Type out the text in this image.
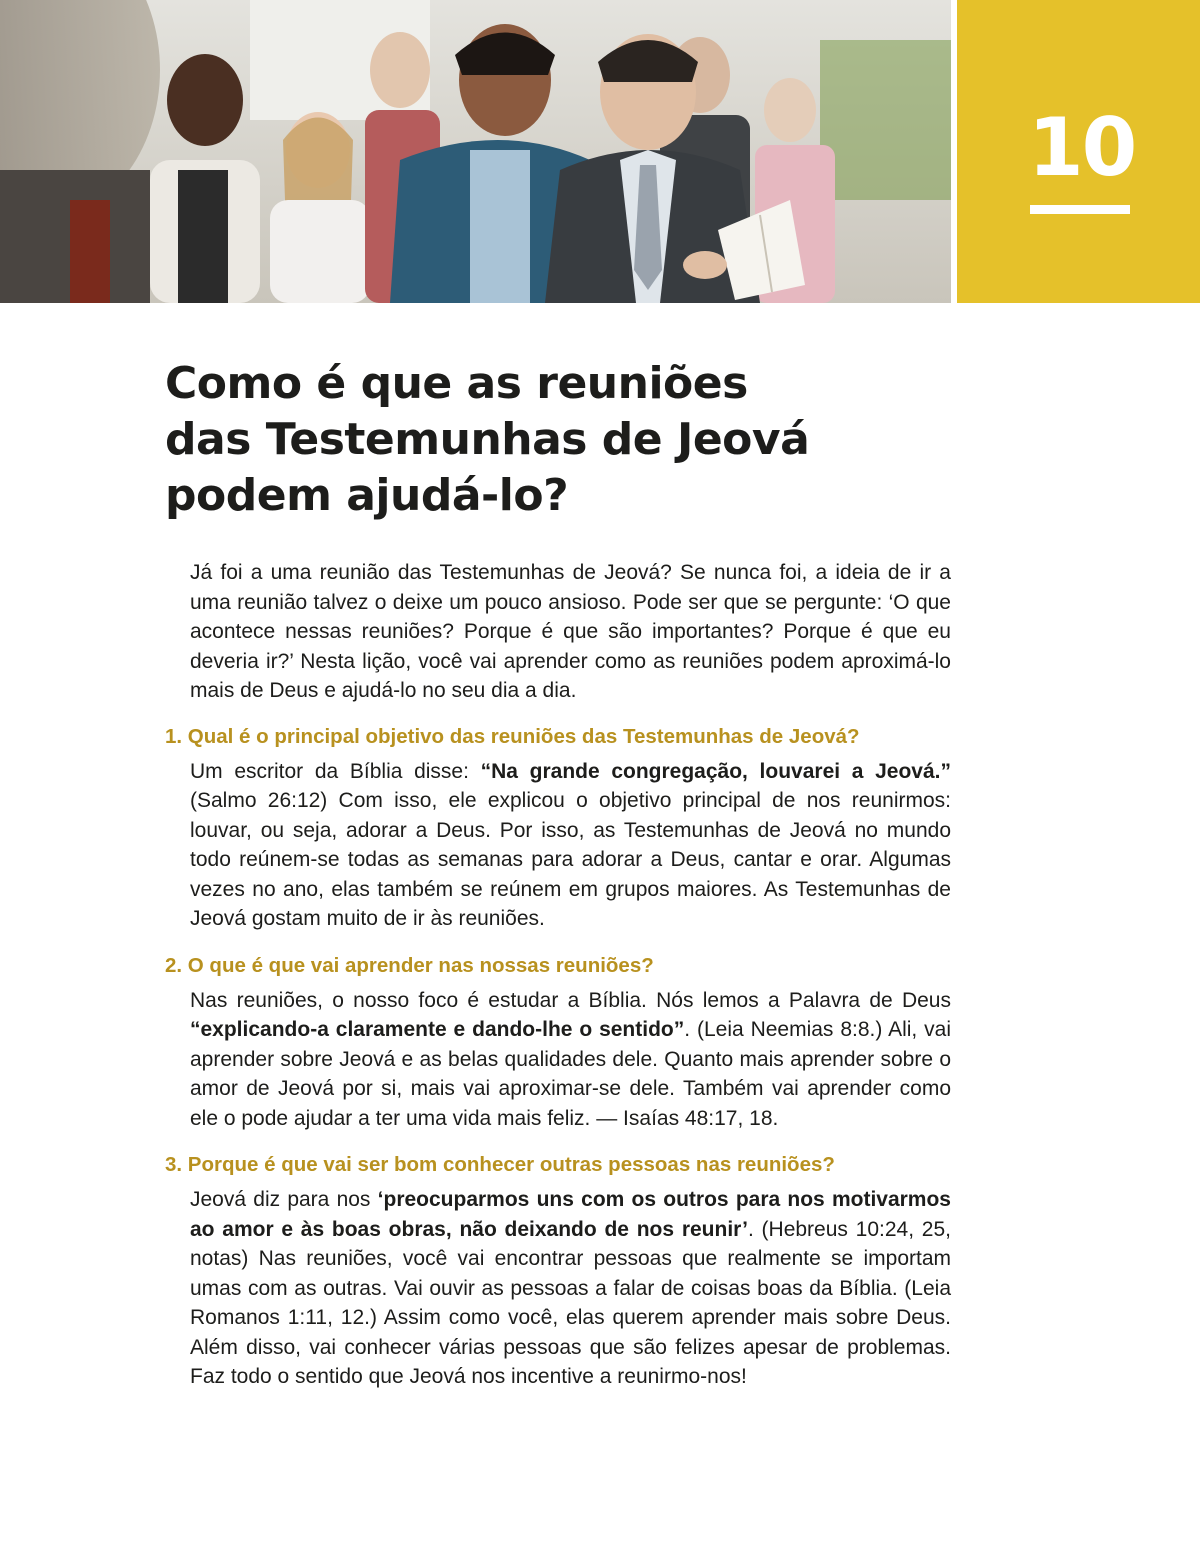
10
Como é que as reuniões
das Testemunhas de Jeová
podem ajudá-lo?

Já foi a uma reunião das Testemunhas de Jeová? Se nunca foi, a ideia de ir a uma reunião talvez o deixe um pouco ansioso. Pode ser que se pergunte: ‘O que acontece nessas reuniões? Porque é que são importantes? Porque é que eu deveria ir?’ Nesta lição, você vai aprender como as reuniões podem aproximá-lo mais de Deus e ajudá-lo no seu dia a dia.

1. Qual é o principal objetivo das reuniões das Testemunhas de Jeová?

Um escritor da Bíblia disse: “Na grande congregação, louvarei a Jeová.” (Salmo 26:12) Com isso, ele explicou o objetivo principal de nos reunirmos: louvar, ou seja, adorar a Deus. Por isso, as Testemunhas de Jeová no mundo todo reúnem-se todas as semanas para adorar a Deus, cantar e orar. Algumas vezes no ano, elas também se reúnem em grupos maiores. As Testemunhas de Jeová gostam muito de ir às reuniões.

2. O que é que vai aprender nas nossas reuniões?

Nas reuniões, o nosso foco é estudar a Bíblia. Nós lemos a Palavra de Deus “explicando-a claramente e dando-lhe o sentido”. (Leia Neemias 8:8.) Ali, vai aprender sobre Jeová e as belas qualidades dele. Quanto mais aprender sobre o amor de Jeová por si, mais vai aproximar-se dele. Também vai aprender como ele o pode ajudar a ter uma vida mais feliz. — Isaías 48:17, 18.

3. Porque é que vai ser bom conhecer outras pessoas nas reuniões?

Jeová diz para nos ‘preocuparmos uns com os outros para nos motivarmos ao amor e às boas obras, não deixando de nos reunir’. (Hebreus 10:24, 25, notas) Nas reuniões, você vai encontrar pessoas que realmente se importam umas com as outras. Vai ouvir as pessoas a falar de coisas boas da Bíblia. (Leia Romanos 1:11, 12.) Assim como você, elas querem aprender mais sobre Deus. Além disso, vai conhecer várias pessoas que são felizes apesar de problemas. Faz todo o sentido que Jeová nos incentive a reunirmo-nos!
